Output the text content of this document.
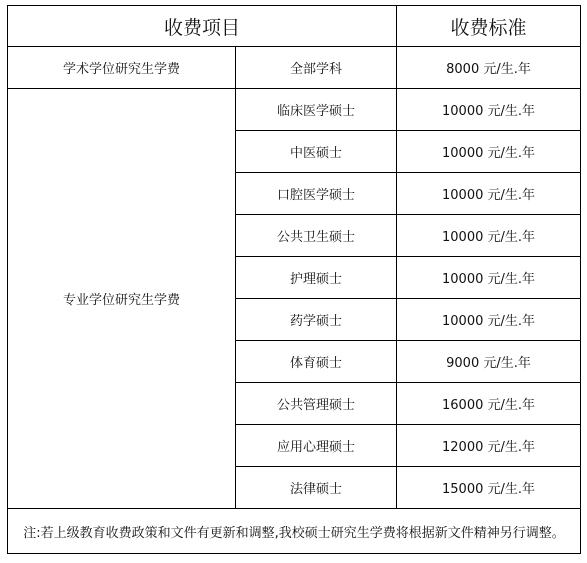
收费项目		收费标准
学术学位研究生学费	全部学科	8000 元/生.年
专业学位研究生学费	临床医学硕士	10000 元/生.年
	中医硕士	10000 元/生.年
	口腔医学硕士	10000 元/生.年
	公共卫生硕士	10000 元/生.年
	护理硕士	10000 元/生.年
	药学硕士	10000 元/生.年
	体育硕士	9000 元/生.年
	公共管理硕士	16000 元/生.年
	应用心理硕士	12000 元/生.年
	法律硕士	15000 元/生.年
注:若上级教育收费政策和文件有更新和调整,我校硕士研究生学费将根据新文件精神另行调整。		
